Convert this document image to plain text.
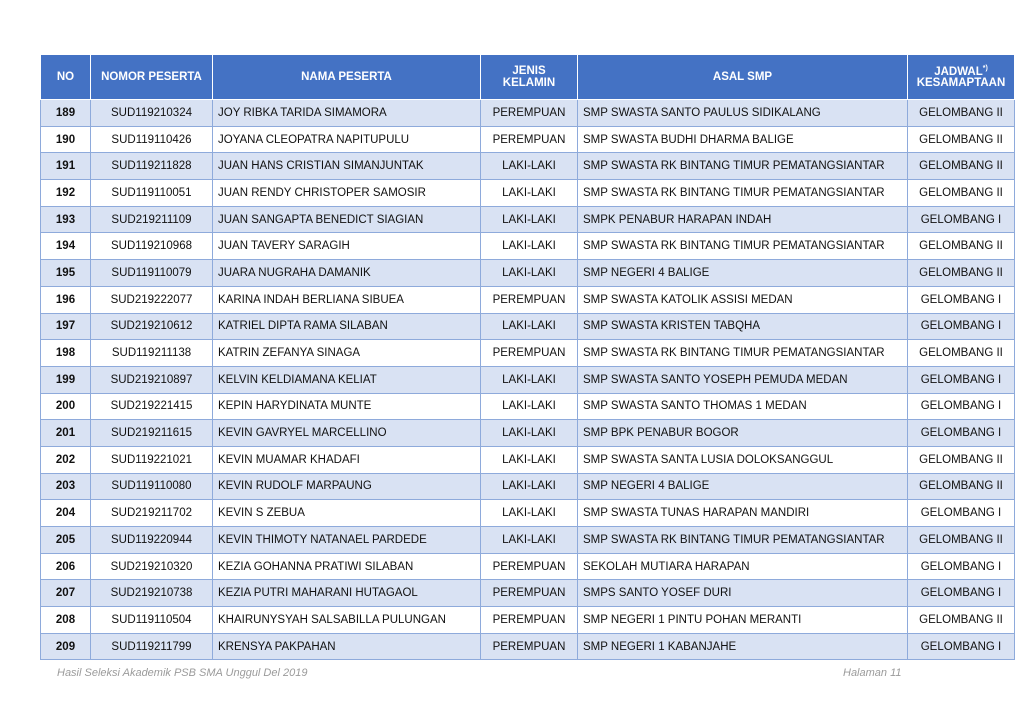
NO	NOMOR PESERTA	NAMA PESERTA	JENIS KELAMIN	ASAL SMP	JADWAL*)
KESAMAPTAAN
189	SUD119210324	JOY RIBKA TARIDA SIMAMORA	PEREMPUAN	SMP SWASTA SANTO PAULUS SIDIKALANG	GELOMBANG II
190	SUD119110426	JOYANA CLEOPATRA NAPITUPULU	PEREMPUAN	SMP SWASTA BUDHI DHARMA BALIGE	GELOMBANG II
191	SUD119211828	JUAN HANS CRISTIAN SIMANJUNTAK	LAKI-LAKI	SMP SWASTA RK BINTANG TIMUR PEMATANGSIANTAR	GELOMBANG II
192	SUD119110051	JUAN RENDY CHRISTOPER SAMOSIR	LAKI-LAKI	SMP SWASTA RK BINTANG TIMUR PEMATANGSIANTAR	GELOMBANG II
193	SUD219211109	JUAN SANGAPTA BENEDICT SIAGIAN	LAKI-LAKI	SMPK PENABUR HARAPAN INDAH	GELOMBANG I
194	SUD119210968	JUAN TAVERY SARAGIH	LAKI-LAKI	SMP SWASTA RK BINTANG TIMUR PEMATANGSIANTAR	GELOMBANG II
195	SUD119110079	JUARA NUGRAHA DAMANIK	LAKI-LAKI	SMP NEGERI 4 BALIGE	GELOMBANG II
196	SUD219222077	KARINA INDAH BERLIANA SIBUEA	PEREMPUAN	SMP SWASTA KATOLIK ASSISI MEDAN	GELOMBANG I
197	SUD219210612	KATRIEL DIPTA RAMA SILABAN	LAKI-LAKI	SMP SWASTA KRISTEN TABQHA	GELOMBANG I
198	SUD119211138	KATRIN ZEFANYA SINAGA	PEREMPUAN	SMP SWASTA RK BINTANG TIMUR PEMATANGSIANTAR	GELOMBANG II
199	SUD219210897	KELVIN KELDIAMANA KELIAT	LAKI-LAKI	SMP SWASTA SANTO YOSEPH PEMUDA MEDAN	GELOMBANG I
200	SUD219221415	KEPIN HARYDINATA MUNTE	LAKI-LAKI	SMP SWASTA SANTO THOMAS 1 MEDAN	GELOMBANG I
201	SUD219211615	KEVIN GAVRYEL MARCELLINO	LAKI-LAKI	SMP BPK PENABUR BOGOR	GELOMBANG I
202	SUD119221021	KEVIN MUAMAR KHADAFI	LAKI-LAKI	SMP SWASTA SANTA LUSIA DOLOKSANGGUL	GELOMBANG II
203	SUD119110080	KEVIN RUDOLF MARPAUNG	LAKI-LAKI	SMP NEGERI 4 BALIGE	GELOMBANG II
204	SUD219211702	KEVIN S ZEBUA	LAKI-LAKI	SMP SWASTA TUNAS HARAPAN MANDIRI	GELOMBANG I
205	SUD119220944	KEVIN THIMOTY NATANAEL PARDEDE	LAKI-LAKI	SMP SWASTA RK BINTANG TIMUR PEMATANGSIANTAR	GELOMBANG II
206	SUD219210320	KEZIA GOHANNA PRATIWI SILABAN	PEREMPUAN	SEKOLAH MUTIARA HARAPAN	GELOMBANG I
207	SUD219210738	KEZIA PUTRI MAHARANI HUTAGAOL	PEREMPUAN	SMPS SANTO YOSEF DURI	GELOMBANG I
208	SUD119110504	KHAIRUNYSYAH SALSABILLA PULUNGAN	PEREMPUAN	SMP NEGERI 1 PINTU POHAN MERANTI	GELOMBANG II
209	SUD119211799	KRENSYA PAKPAHAN	PEREMPUAN	SMP NEGERI 1 KABANJAHE	GELOMBANG I
Hasil Seleksi Akademik PSB SMA Unggul Del 2019	Halaman 11
